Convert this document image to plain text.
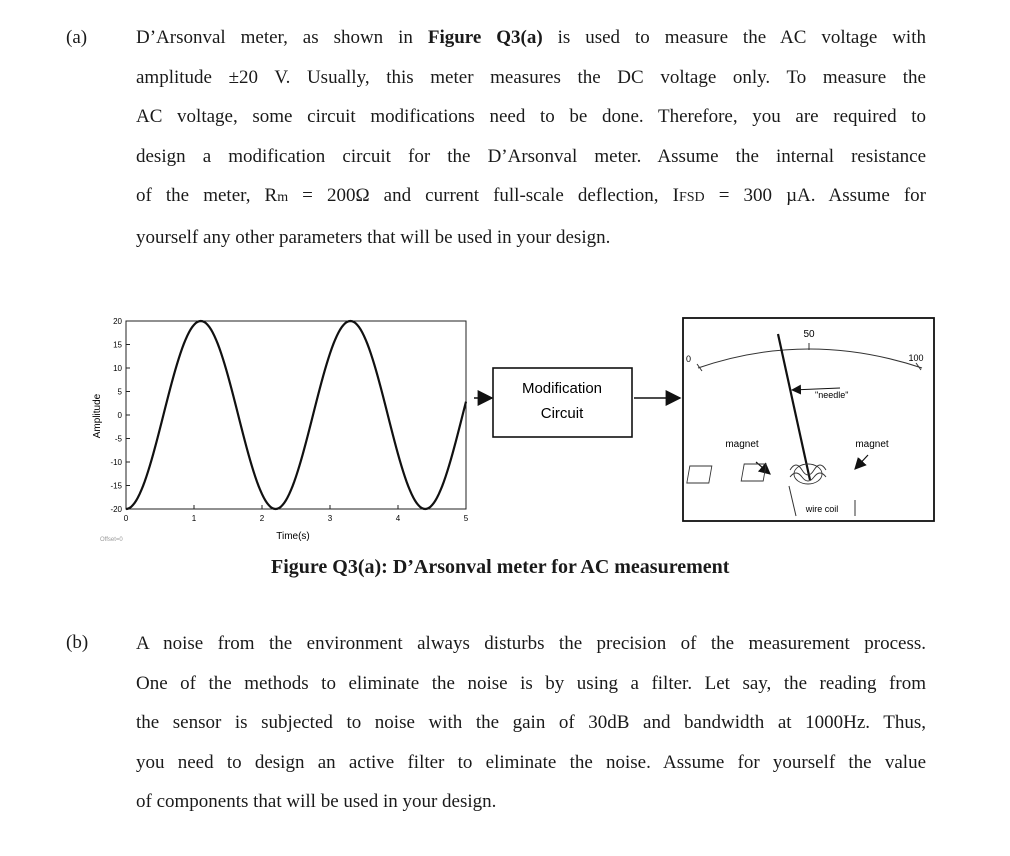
(a)	D’Arsonval meter, as shown in Figure Q3(a) is used to measure the AC voltage with
amplitude ±20 V. Usually, this meter measures the DC voltage only. To measure the
AC voltage, some circuit modifications need to be done. Therefore, you are required to
design a modification circuit for the D’Arsonval meter. Assume the internal resistance
of the meter, Rm = 200Ω and current full-scale deflection, IFSD = 300 µA. Assume for
yourself any other parameters that will be used in your design.
20
15
10
5
0
-5
-10
-15
-20
0	1	2	3	4	5
Amplitude
Time(s)
Offset=0
Modification
Circuit
0
50
100
"needle"
magnet	magnet
wire coil
Figure Q3(a): D’Arsonval meter for AC measurement
(b)	A noise from the environment always disturbs the precision of the measurement process.
One of the methods to eliminate the noise is by using a filter. Let say, the reading from
the sensor is subjected to noise with the gain of 30dB and bandwidth at 1000Hz. Thus,
you need to design an active filter to eliminate the noise. Assume for yourself the value
of components that will be used in your design.
